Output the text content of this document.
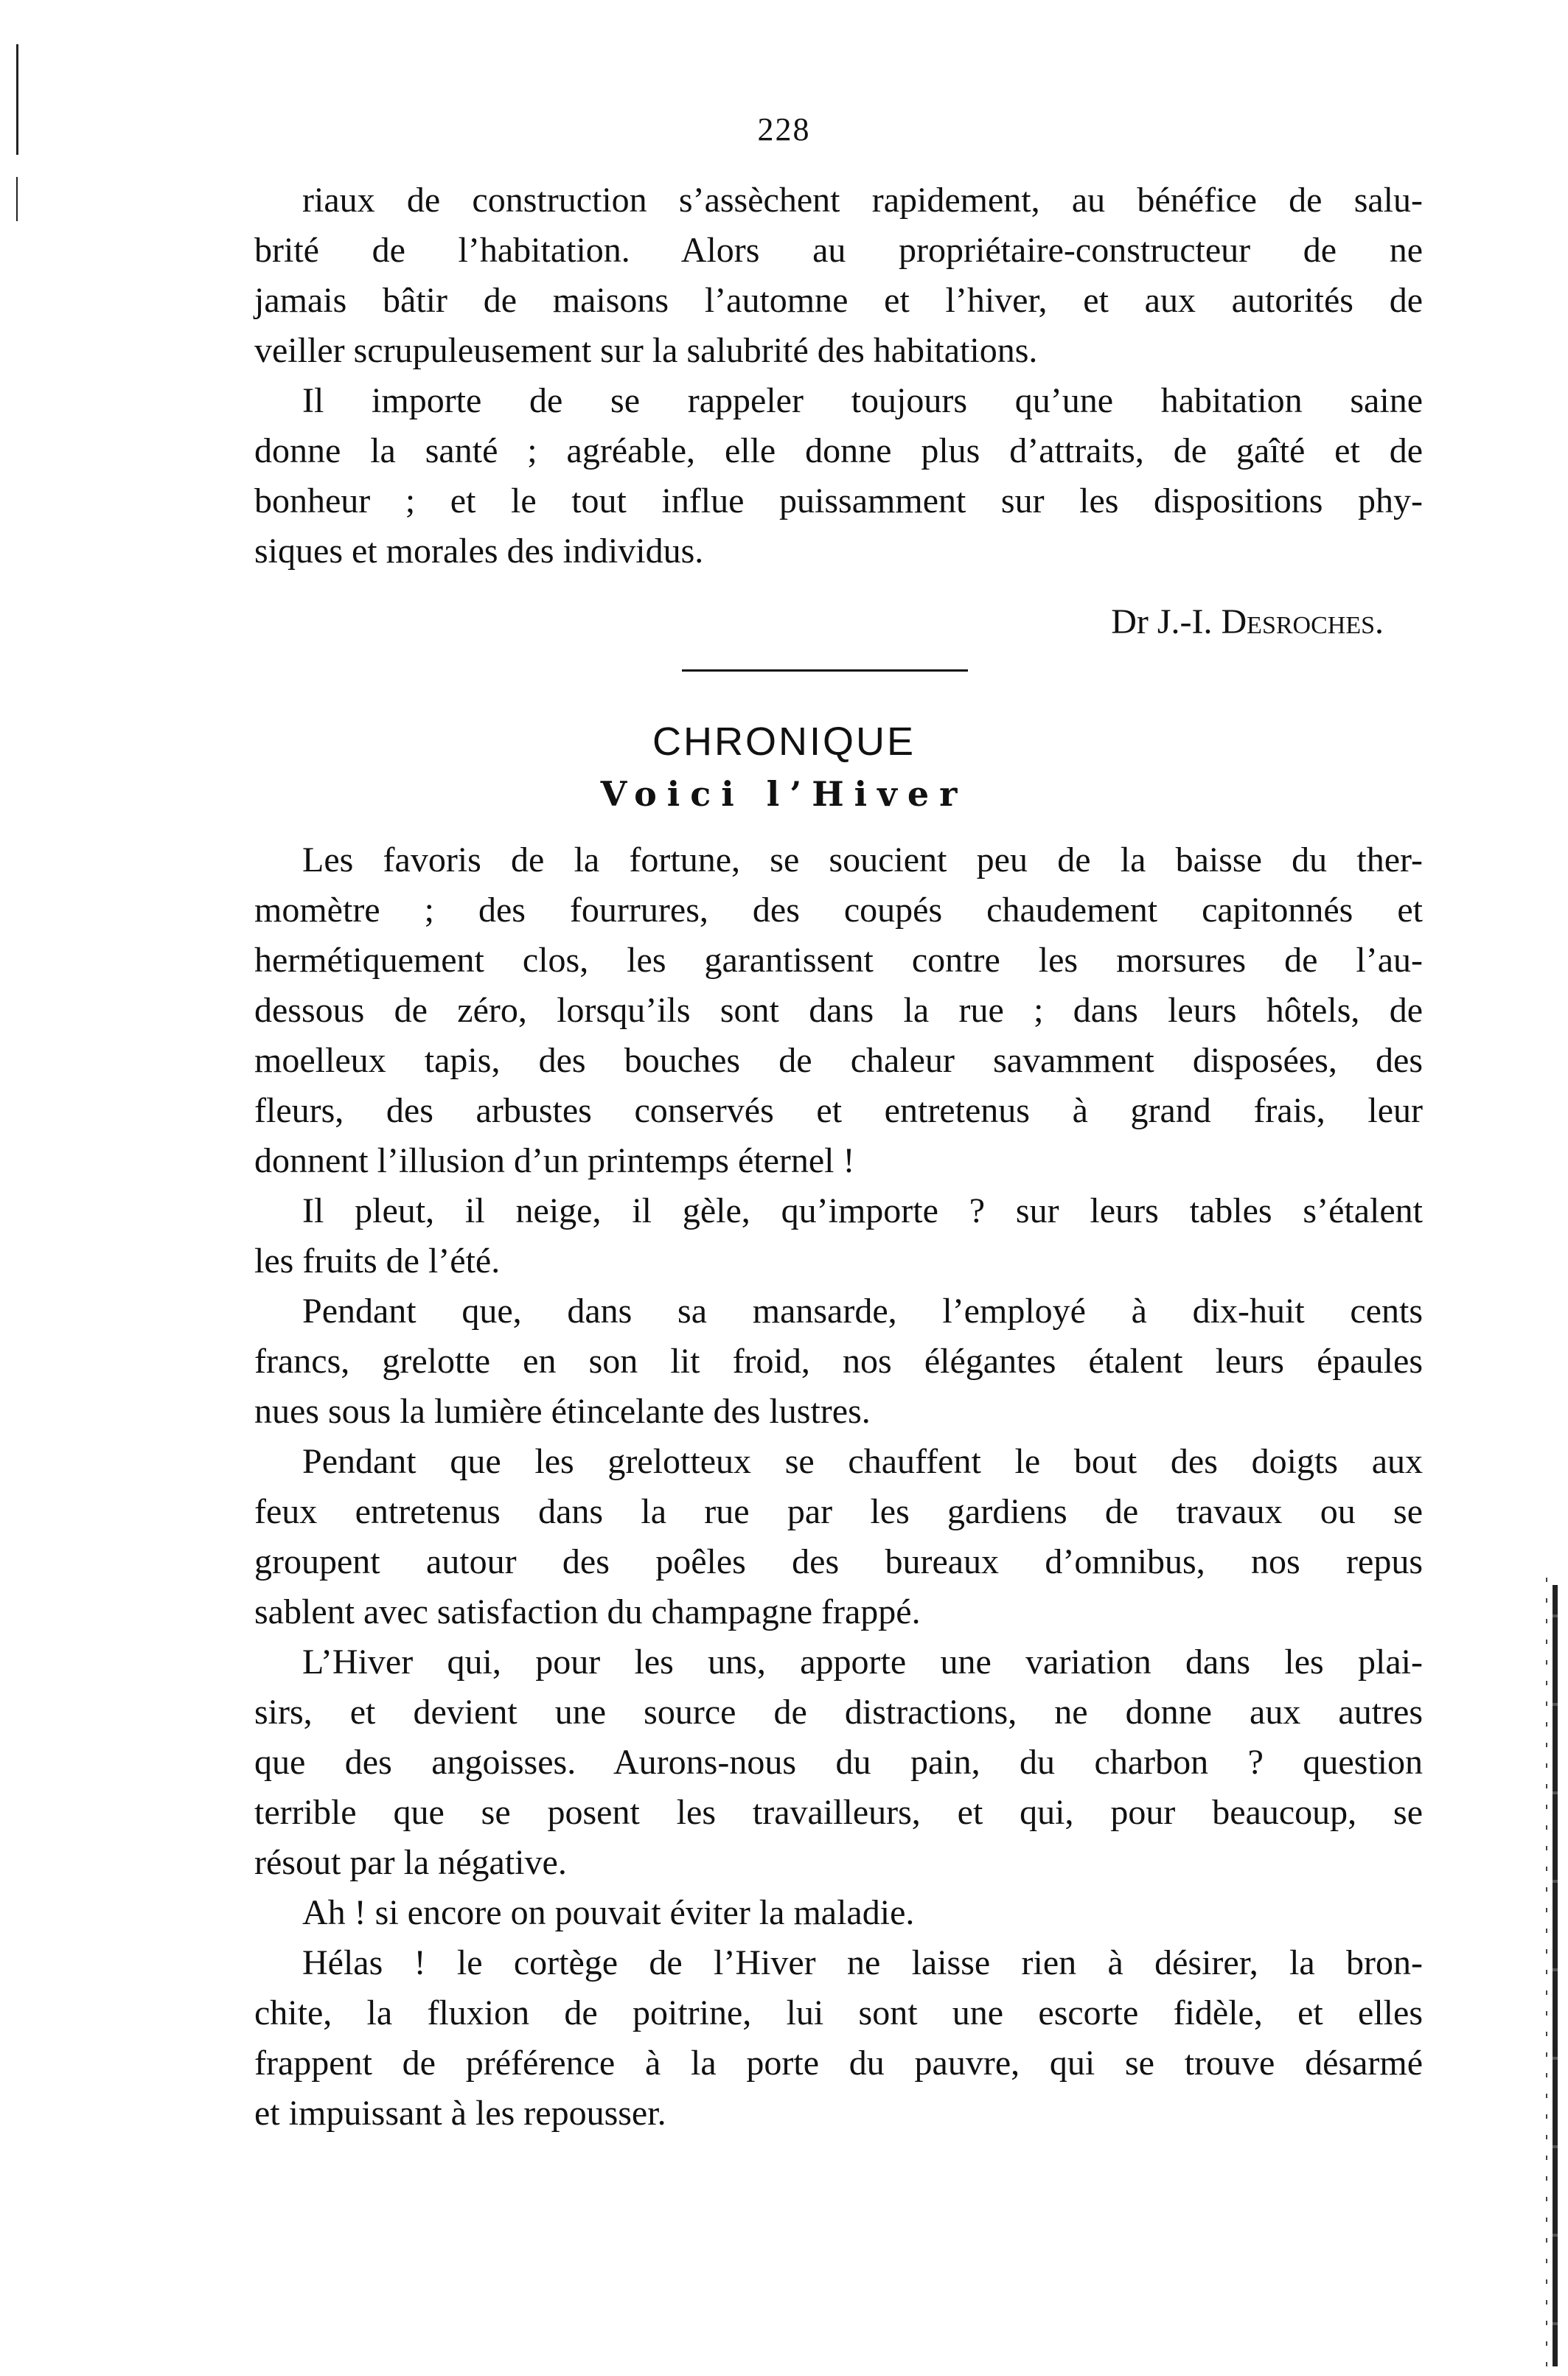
228
riaux de construction s’assèchent rapidement, au bénéfice de salu-
brité de l’habitation. Alors au propriétaire-constructeur de ne
jamais bâtir de maisons l’automne et l’hiver, et aux autorités de
veiller scrupuleusement sur la salubrité des habitations.
Il importe de se rappeler toujours qu’une habitation saine
donne la santé ; agréable, elle donne plus d’attraits, de gaîté et de
bonheur ; et le tout influe puissamment sur les dispositions phy-
siques et morales des individus.
Dr J.-I. Desroches.
CHRONIQUE
Voici l’Hiver
Les favoris de la fortune, se soucient peu de la baisse du ther-
momètre ; des fourrures, des coupés chaudement capitonnés et
hermétiquement clos, les garantissent contre les morsures de l’au-
dessous de zéro, lorsqu’ils sont dans la rue ; dans leurs hôtels, de
moelleux tapis, des bouches de chaleur savamment disposées, des
fleurs, des arbustes conservés et entretenus à grand frais, leur
donnent l’illusion d’un printemps éternel !
Il pleut, il neige, il gèle, qu’importe ? sur leurs tables s’étalent
les fruits de l’été.
Pendant que, dans sa mansarde, l’employé à dix-huit cents
francs, grelotte en son lit froid, nos élégantes étalent leurs épaules
nues sous la lumière étincelante des lustres.
Pendant que les grelotteux se chauffent le bout des doigts aux
feux entretenus dans la rue par les gardiens de travaux ou se
groupent autour des poêles des bureaux d’omnibus, nos repus
sablent avec satisfaction du champagne frappé.
L’Hiver qui, pour les uns, apporte une variation dans les plai-
sirs, et devient une source de distractions, ne donne aux autres
que des angoisses. Aurons-nous du pain, du charbon ? question
terrible que se posent les travailleurs, et qui, pour beaucoup, se
résout par la négative.
Ah ! si encore on pouvait éviter la maladie.
Hélas ! le cortège de l’Hiver ne laisse rien à désirer, la bron-
chite, la fluxion de poitrine, lui sont une escorte fidèle, et elles
frappent de préférence à la porte du pauvre, qui se trouve désarmé
et impuissant à les repousser.
